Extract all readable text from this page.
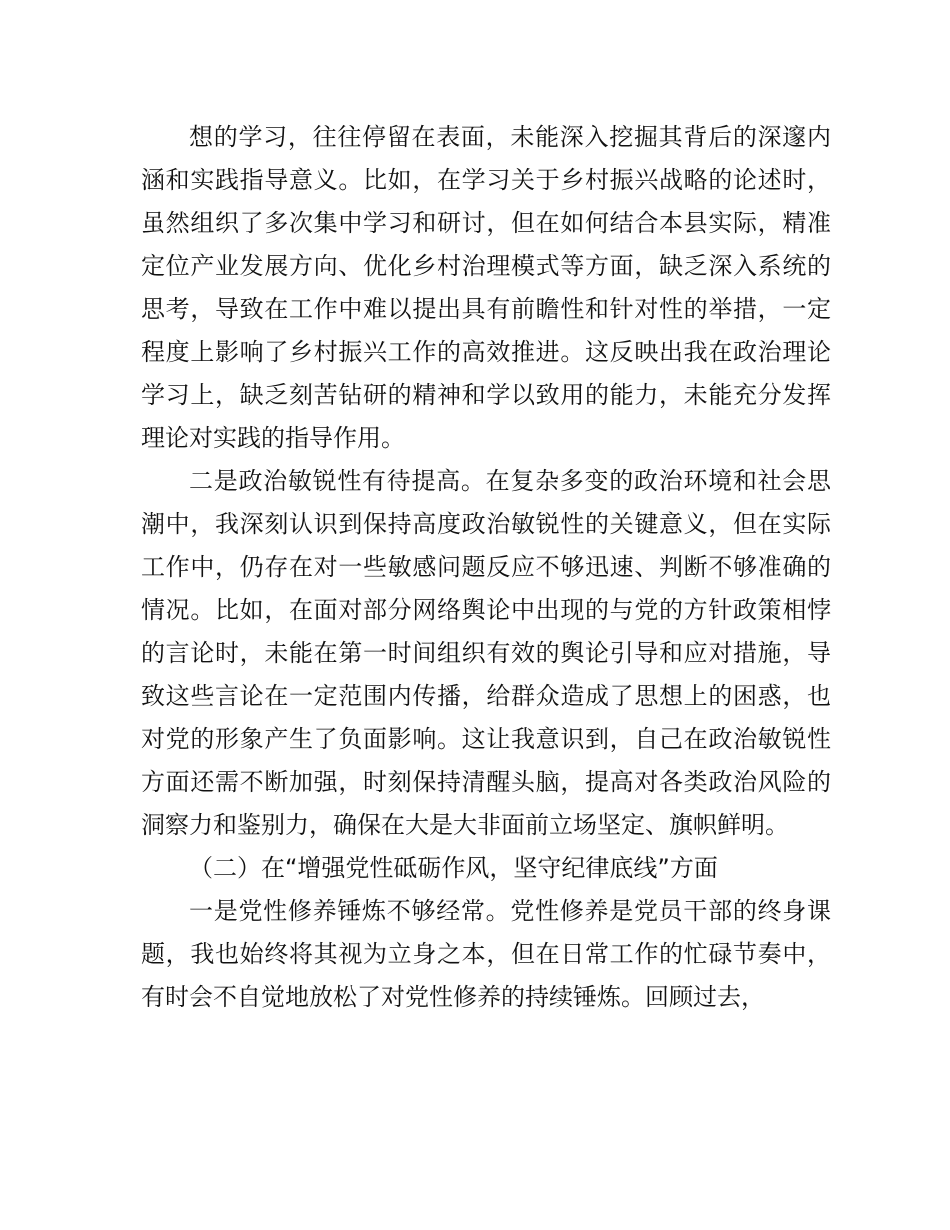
想的学习，往往停留在表面，未能深入挖掘其背后的深邃内涵和实践指导意义。比如，在学习关于乡村振兴战略的论述时，虽然组织了多次集中学习和研讨，但在如何结合本县实际，精准定位产业发展方向、优化乡村治理模式等方面，缺乏深入系统的思考，导致在工作中难以提出具有前瞻性和针对性的举措，一定程度上影响了乡村振兴工作的高效推进。这反映出我在政治理论学习上，缺乏刻苦钻研的精神和学以致用的能力，未能充分发挥理论对实践的指导作用。

二是政治敏锐性有待提高。在复杂多变的政治环境和社会思潮中，我深刻认识到保持高度政治敏锐性的关键意义，但在实际工作中，仍存在对一些敏感问题反应不够迅速、判断不够准确的情况。比如，在面对部分网络舆论中出现的与党的方针政策相悖的言论时，未能在第一时间组织有效的舆论引导和应对措施，导致这些言论在一定范围内传播，给群众造成了思想上的困惑，也对党的形象产生了负面影响。这让我意识到，自己在政治敏锐性方面还需不断加强，时刻保持清醒头脑，提高对各类政治风险的洞察力和鉴别力，确保在大是大非面前立场坚定、旗帜鲜明。

（二）在“增强党性砥砺作风，坚守纪律底线”方面

一是党性修养锤炼不够经常。党性修养是党员干部的终身课题，我也始终将其视为立身之本，但在日常工作的忙碌节奏中，有时会不自觉地放松了对党性修养的持续锤炼。回顾过去，
